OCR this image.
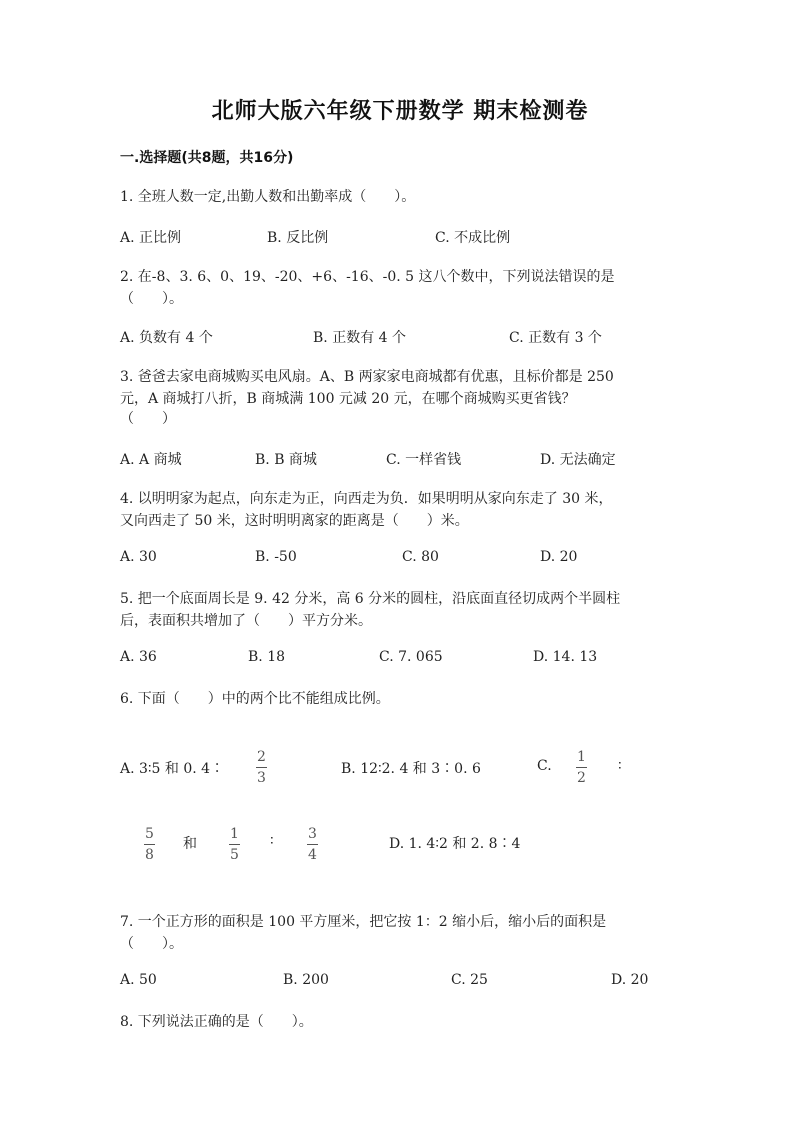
北师大版六年级下册数学 期末检测卷
一.选择题(共8题，共16分)
1. 全班人数一定,出勤人数和出勤率成（　　）。
A. 正比例	B. 反比例	C. 不成比例
2. 在-8、3. 6、0、19、-20、+6、-16、-0. 5 这八个数中，下列说法错误的是
（　　）。
A. 负数有 4 个	B. 正数有 4 个	C. 正数有 3 个
3. 爸爸去家电商城购买电风扇。A、B 两家家电商城都有优惠，且标价都是 250
元，A 商城打八折，B 商城满 100 元减 20 元，在哪个商城购买更省钱？
（　　）
A. A 商城	B. B 商城	C. 一样省钱	D. 无法确定
4. 以明明家为起点，向东走为正，向西走为负．如果明明从家向东走了 30 米，
又向西走了 50 米，这时明明离家的距离是（　　）米。
A. 30	B. -50	C. 80	D. 20
5. 把一个底面周长是 9. 42 分米，高 6 分米的圆柱，沿底面直径切成两个半圆柱
后，表面积共增加了（　　）平方分米。
A. 36	B. 18	C. 7. 065	D. 14. 13
6. 下面（　　）中的两个比不能组成比例。
A. 3∶5 和 0. 4∶
2
3
B. 12∶2. 4 和 3∶0. 6	C.
1
2
∶
5
8
和
1
5
∶ 3
4
D. 1. 4∶2 和 2. 8∶4
7. 一个正方形的面积是 100 平方厘米，把它按 1：2 缩小后，缩小后的面积是
（　　）。
A. 50	B. 200	C. 25	D. 20
8. 下列说法正确的是（　　）。
